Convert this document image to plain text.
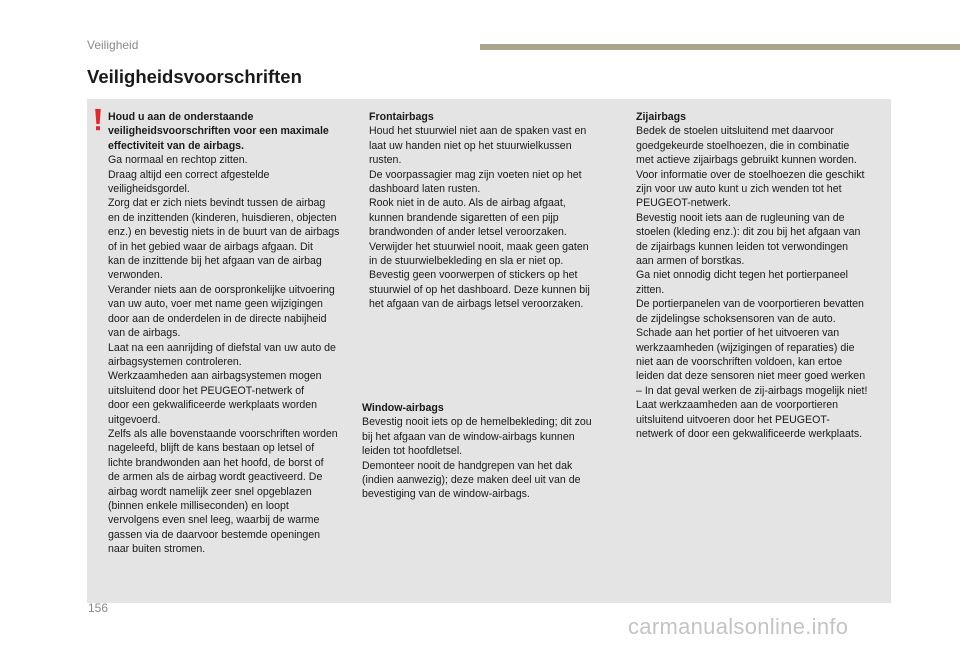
Veiligheid
Veiligheidsvoorschriften

Houd u aan de onderstaande
veiligheidsvoorschriften voor een maximale
effectiviteit van de airbags.

Ga normaal en rechtop zitten.
Draag altijd een correct afgestelde
veiligheidsgordel.
Zorg dat er zich niets bevindt tussen de airbag
en de inzittenden (kinderen, huisdieren, objecten
enz.) en bevestig niets in de buurt van de airbags
of in het gebied waar de airbags afgaan. Dit
kan de inzittende bij het afgaan van de airbag
verwonden.
Verander niets aan de oorspronkelijke uitvoering
van uw auto, voer met name geen wijzigingen
door aan de onderdelen in de directe nabijheid
van de airbags.
Laat na een aanrijding of diefstal van uw auto de
airbagsystemen controleren.
Werkzaamheden aan airbagsystemen mogen
uitsluitend door het PEUGEOT-netwerk of
door een gekwalificeerde werkplaats worden
uitgevoerd.
Zelfs als alle bovenstaande voorschriften worden
nageleefd, blijft de kans bestaan op letsel of
lichte brandwonden aan het hoofd, de borst of
de armen als de airbag wordt geactiveerd. De
airbag wordt namelijk zeer snel opgeblazen
(binnen enkele milliseconden) en loopt
vervolgens even snel leeg, waarbij de warme
gassen via de daarvoor bestemde openingen
naar buiten stromen.

Frontairbags

Houd het stuurwiel niet aan de spaken vast en
laat uw handen niet op het stuurwielkussen
rusten.
De voorpassagier mag zijn voeten niet op het
dashboard laten rusten.
Rook niet in de auto. Als de airbag afgaat,
kunnen brandende sigaretten of een pijp
brandwonden of ander letsel veroorzaken.
Verwijder het stuurwiel nooit, maak geen gaten
in de stuurwielbekleding en sla er niet op.
Bevestig geen voorwerpen of stickers op het
stuurwiel of op het dashboard. Deze kunnen bij
het afgaan van de airbags letsel veroorzaken.

Window-airbags

Bevestig nooit iets op de hemelbekleding; dit zou
bij het afgaan van de window-airbags kunnen
leiden tot hoofdletsel.
Demonteer nooit de handgrepen van het dak
(indien aanwezig); deze maken deel uit van de
bevestiging van de window-airbags.

Zijairbags

Bedek de stoelen uitsluitend met daarvoor
goedgekeurde stoelhoezen, die in combinatie
met actieve zijairbags gebruikt kunnen worden.
Voor informatie over de stoelhoezen die geschikt
zijn voor uw auto kunt u zich wenden tot het
PEUGEOT-netwerk.
Bevestig nooit iets aan de rugleuning van de
stoelen (kleding enz.): dit zou bij het afgaan van
de zijairbags kunnen leiden tot verwondingen
aan armen of borstkas.
Ga niet onnodig dicht tegen het portierpaneel
zitten.
De portierpanelen van de voorportieren bevatten
de zijdelingse schoksensoren van de auto.
Schade aan het portier of het uitvoeren van
werkzaamheden (wijzigingen of reparaties) die
niet aan de voorschriften voldoen, kan ertoe
leiden dat deze sensoren niet meer goed werken
– In dat geval werken de zij-airbags mogelijk niet!
Laat werkzaamheden aan de voorportieren
uitsluitend uitvoeren door het PEUGEOT-
netwerk of door een gekwalificeerde werkplaats.

156
carmanualsonline.info
